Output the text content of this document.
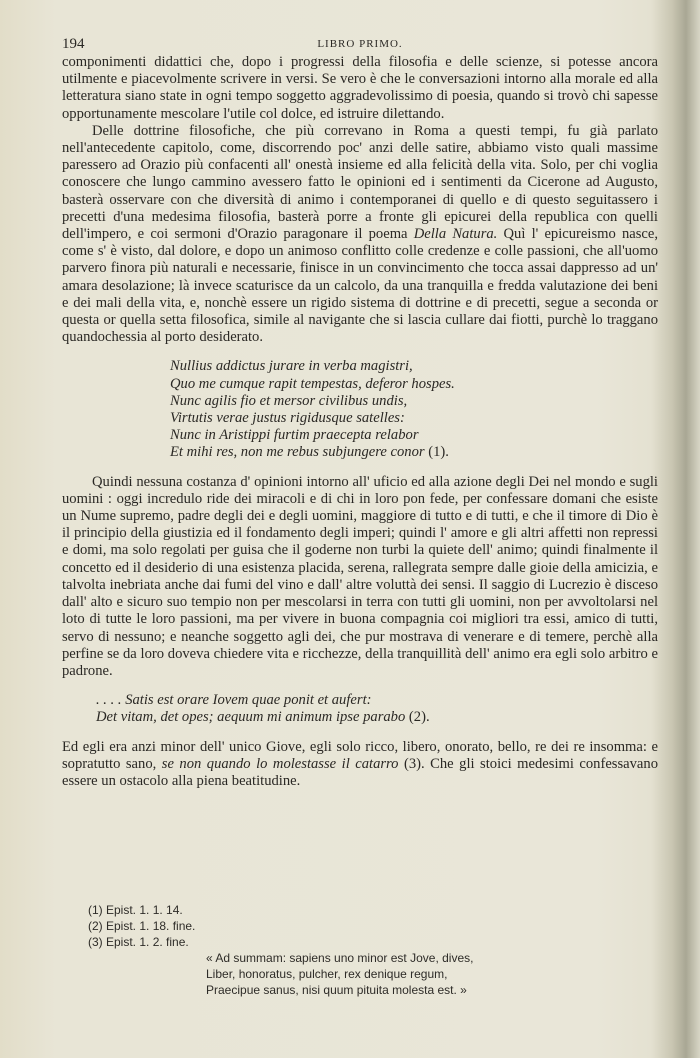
194	LIBRO PRIMO.

componimenti didattici che, dopo i progressi della filosofia e delle scienze, si potesse ancora utilmente e piacevolmente scrivere in versi. Se vero è che le conversazioni intorno alla morale ed alla letteratura siano state in ogni tempo soggetto aggradevolissimo di poesia, quando si trovò chi sapesse opportunamente mescolare l'utile col dolce, ed istruire dilettando.

Delle dottrine filosofiche, che più correvano in Roma a questi tempi, fu già parlato nell'antecedente capitolo, come, discorrendo poc' anzi delle satire, abbiamo visto quali massime paressero ad Orazio più confacenti all' onestà insieme ed alla felicità della vita. Solo, per chi voglia conoscere che lungo cammino avessero fatto le opinioni ed i sentimenti da Cicerone ad Augusto, basterà osservare con che diversità di animo i contemporanei di quello e di questo seguitassero i precetti d'una medesima filosofia, basterà porre a fronte gli epicurei della republica con quelli dell'impero, e coi sermoni d'Orazio paragonare il poema Della Natura. Quì l' epicureismo nasce, come s' è visto, dal dolore, e dopo un animoso conflitto colle credenze e colle passioni, che all'uomo parvero finora più naturali e necessarie, finisce in un convincimento che tocca assai dappresso ad un' amara desolazione; là invece scaturisce da un calcolo, da una tranquilla e fredda valutazione dei beni e dei mali della vita, e, nonchè essere un rigido sistema di dottrine e di precetti, segue a seconda or questa or quella setta filosofica, simile al navigante che si lascia cullare dai fiotti, purchè lo traggano quandochessia al porto desiderato.

Nullius addictus jurare in verba magistri,
Quo me cumque rapit tempestas, deferor hospes.
Nunc agilis fio et mersor civilibus undis,
Virtutis verae justus rigidusque satelles:
Nunc in Aristippi furtim praecepta relabor
Et mihi res, non me rebus subjungere conor (1).

Quindi nessuna costanza d' opinioni intorno all' uficio ed alla azione degli Dei nel mondo e sugli uomini : oggi incredulo ride dei miracoli e di chi in loro pon fede, per confessare domani che esiste un Nume supremo, padre degli dei e degli uomini, maggiore di tutto e di tutti, e che il timore di Dio è il principio della giustizia ed il fondamento degli imperi; quindi l' amore e gli altri affetti non repressi e domi, ma solo regolati per guisa che il goderne non turbi la quiete dell' animo; quindi finalmente il concetto ed il desiderio di una esistenza placida, serena, rallegrata sempre dalle gioie della amicizia, e talvolta inebriata anche dai fumi del vino e dall' altre voluttà dei sensi. Il saggio di Lucrezio è disceso dall' alto e sicuro suo tempio non per mescolarsi in terra con tutti gli uomini, non per avvoltolarsi nel loto di tutte le loro passioni, ma per vivere in buona compagnia coi migliori tra essi, amico di tutti, servo di nessuno; e neanche soggetto agli dei, che pur mostrava di venerare e di temere, perchè alla perfine se da loro doveva chiedere vita e ricchezze, della tranquillità dell' animo era egli solo arbitro e padrone.

. . . . Satis est orare Iovem quae ponit et aufert:
Det vitam, det opes; aequum mi animum ipse parabo (2).

Ed egli era anzi minor dell' unico Giove, egli solo ricco, libero, onorato, bello, re dei re insomma: e sopratutto sano, se non quando lo molestasse il catarro (3). Che gli stoici medesimi confessavano essere un ostacolo alla piena beatitudine.

(1) Epist. 1. 1. 14.
(2) Epist. 1. 18. fine.
(3) Epist. 1. 2. fine.
« Ad summam: sapiens uno minor est Jove, dives,
Liber, honoratus, pulcher, rex denique regum,
Praecipue sanus, nisi quum pituita molesta est. »
